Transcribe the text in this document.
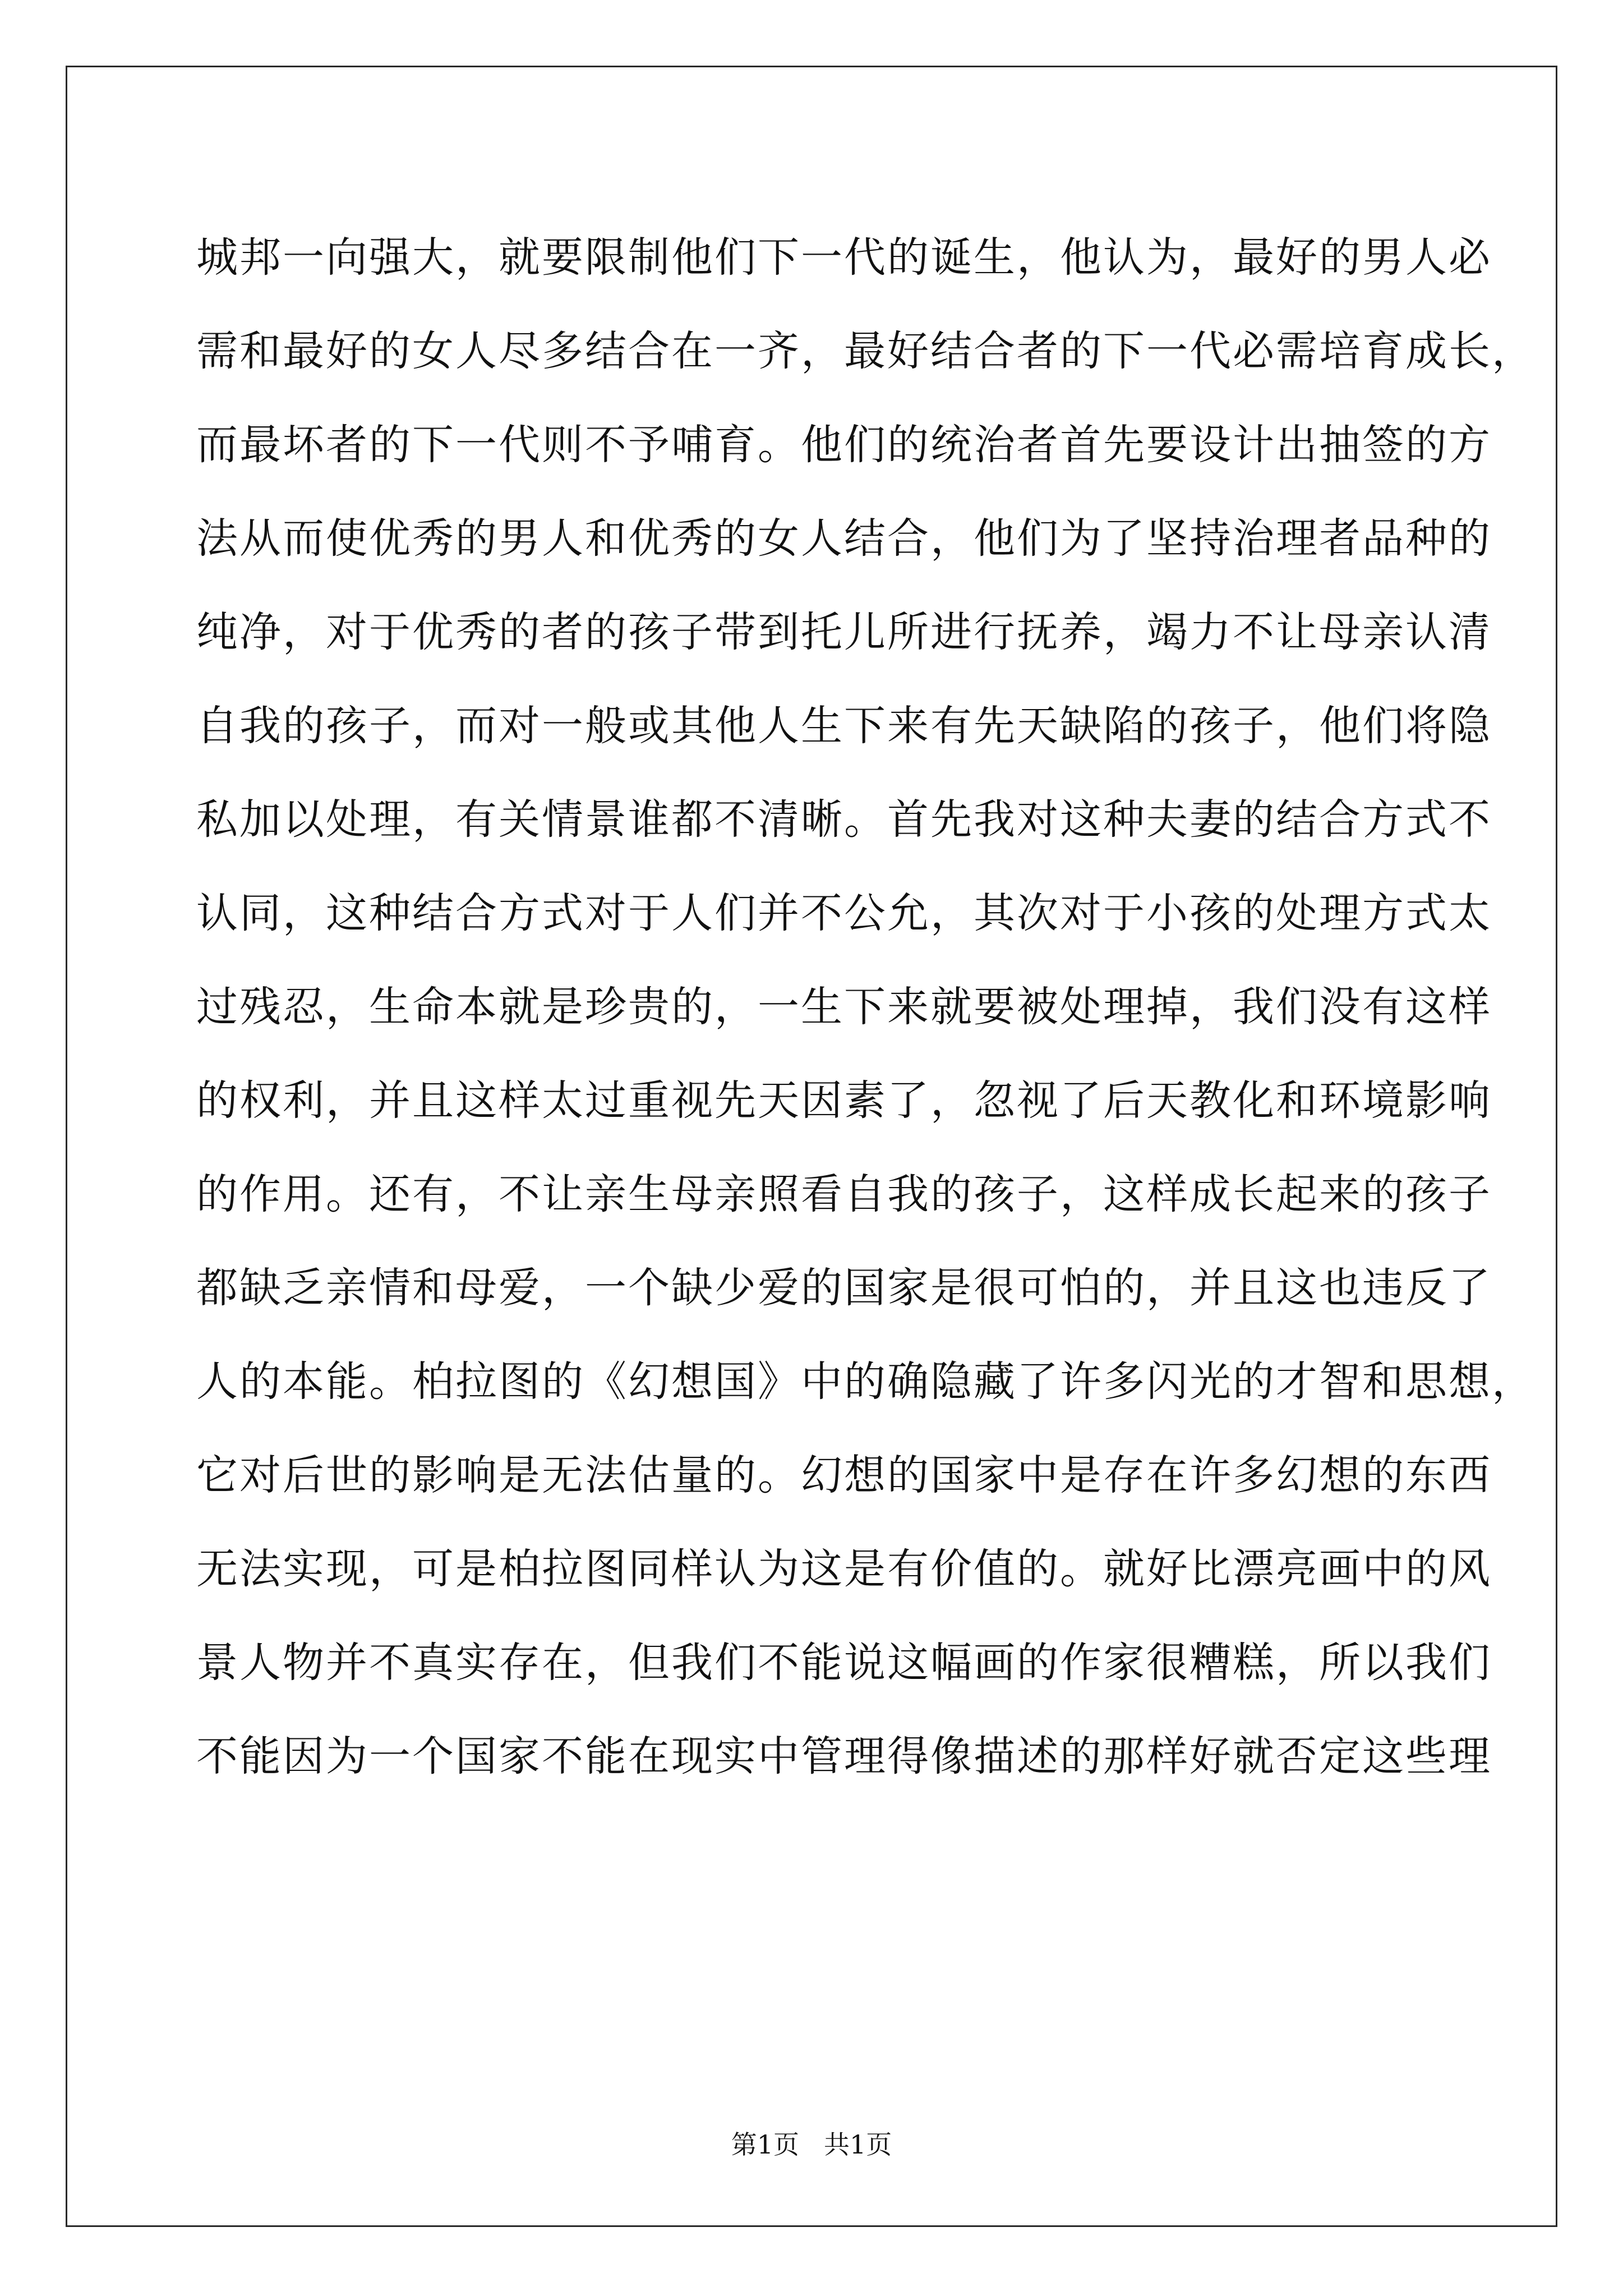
城邦一向强大，就要限制他们下一代的诞生，他认为，最好的男人必
需和最好的女人尽多结合在一齐，最好结合者的下一代必需培育成长，
而最坏者的下一代则不予哺育。他们的统治者首先要设计出抽签的方
法从而使优秀的男人和优秀的女人结合，他们为了坚持治理者品种的
纯净，对于优秀的者的孩子带到托儿所进行抚养，竭力不让母亲认清
自我的孩子，而对一般或其他人生下来有先天缺陷的孩子，他们将隐
私加以处理，有关情景谁都不清晰。首先我对这种夫妻的结合方式不
认同，这种结合方式对于人们并不公允，其次对于小孩的处理方式太
过残忍，生命本就是珍贵的，一生下来就要被处理掉，我们没有这样
的权利，并且这样太过重视先天因素了，忽视了后天教化和环境影响
的作用。还有，不让亲生母亲照看自我的孩子，这样成长起来的孩子
都缺乏亲情和母爱，一个缺少爱的国家是很可怕的，并且这也违反了
人的本能。柏拉图的《幻想国》中的确隐藏了许多闪光的才智和思想，
它对后世的影响是无法估量的。幻想的国家中是存在许多幻想的东西
无法实现，可是柏拉图同样认为这是有价值的。就好比漂亮画中的风
景人物并不真实存在，但我们不能说这幅画的作家很糟糕，所以我们
不能因为一个国家不能在现实中管理得像描述的那样好就否定这些理
第1页 共1页
